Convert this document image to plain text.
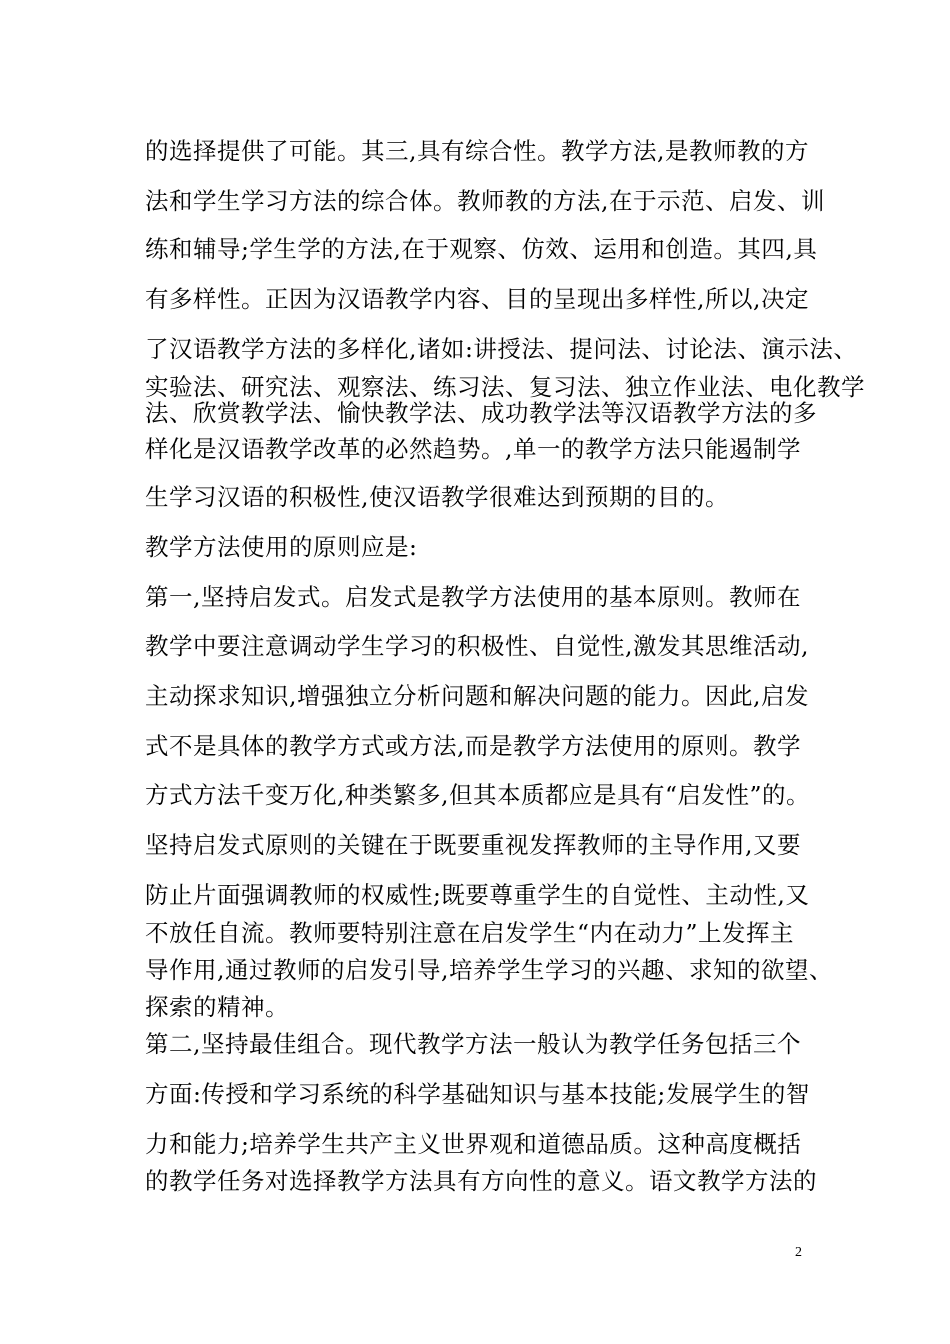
的选择提供了可能。其三,具有综合性。教学方法,是教师教的方

法和学生学习方法的综合体。教师教的方法,在于示范、启发、训

练和辅导;学生学的方法,在于观察、仿效、运用和创造。其四,具

有多样性。正因为汉语教学内容、目的呈现出多样性,所以,决定

了汉语教学方法的多样化,诸如:讲授法、提问法、讨论法、演示法、

实验法、研究法、观察法、练习法、复习法、独立作业法、电化教学

法、欣赏教学法、愉快教学法、成功教学法等汉语教学方法的多

样化是汉语教学改革的必然趋势。,单一的教学方法只能遏制学

生学习汉语的积极性,使汉语教学很难达到预期的目的。

教学方法使用的原则应是:

第一,坚持启发式。启发式是教学方法使用的基本原则。教师在

教学中要注意调动学生学习的积极性、自觉性,激发其思维活动,

主动探求知识,增强独立分析问题和解决问题的能力。因此,启发

式不是具体的教学方式或方法,而是教学方法使用的原则。教学

方式方法千变万化,种类繁多,但其本质都应是具有“启发性”的。

坚持启发式原则的关键在于既要重视发挥教师的主导作用,又要

防止片面强调教师的权威性;既要尊重学生的自觉性、主动性,又

不放任自流。教师要特别注意在启发学生“内在动力”上发挥主

导作用,通过教师的启发引导,培养学生学习的兴趣、求知的欲望、

探索的精神。

第二,坚持最佳组合。现代教学方法一般认为教学任务包括三个

方面:传授和学习系统的科学基础知识与基本技能;发展学生的智

力和能力;培养学生共产主义世界观和道德品质。这种高度概括

的教学任务对选择教学方法具有方向性的意义。语文教学方法的

2
